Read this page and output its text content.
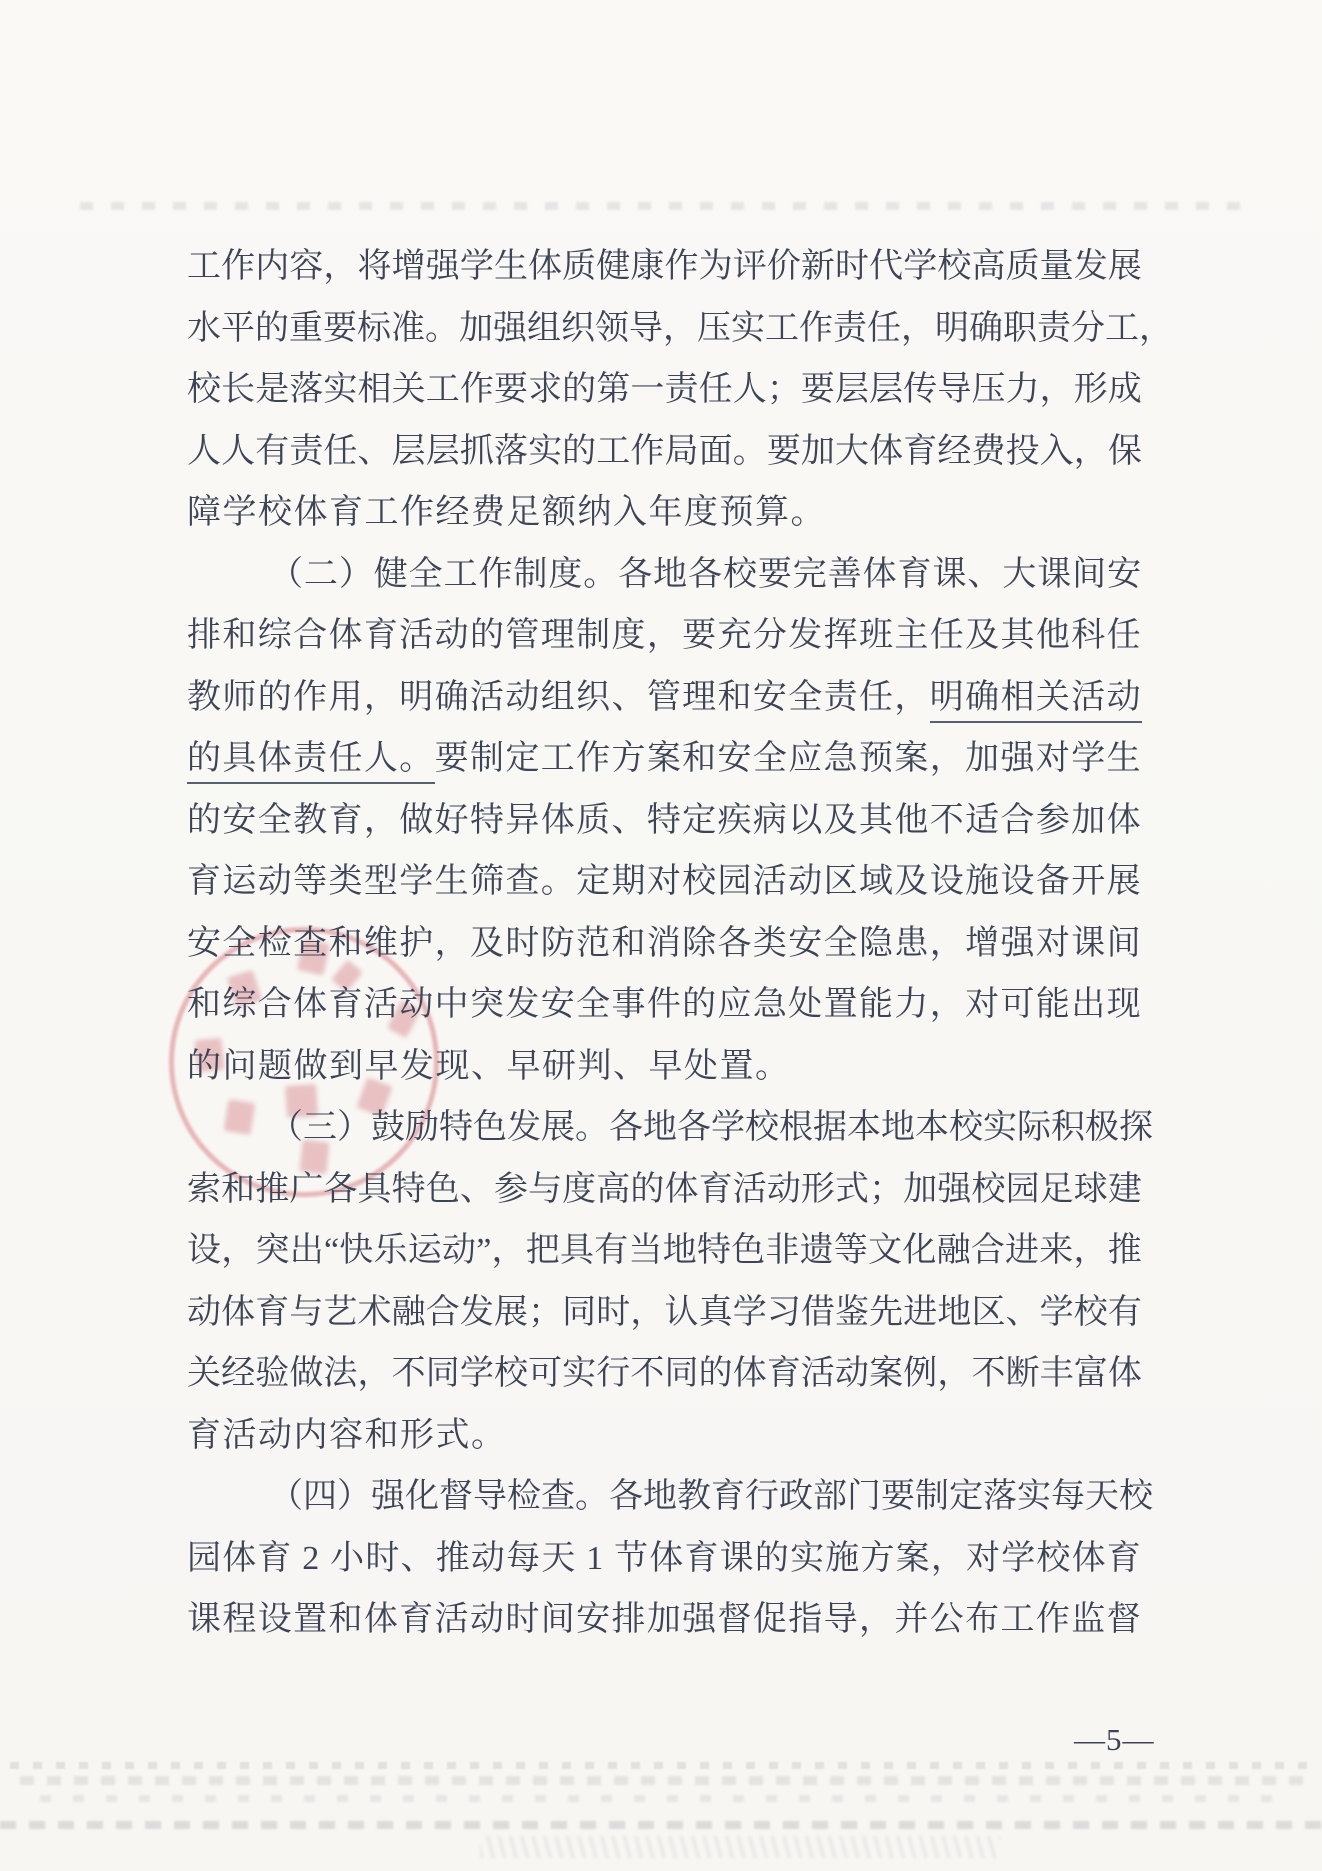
工作内容，将增强学生体质健康作为评价新时代学校高质量发展
水平的重要标准。加强组织领导，压实工作责任，明确职责分工，
校长是落实相关工作要求的第一责任人；要层层传导压力，形成
人人有责任、层层抓落实的工作局面。要加大体育经费投入，保
障学校体育工作经费足额纳入年度预算。
（二）健全工作制度。各地各校要完善体育课、大课间安
排和综合体育活动的管理制度，要充分发挥班主任及其他科任
教师的作用，明确活动组织、管理和安全责任，明确相关活动
的具体责任人。要制定工作方案和安全应急预案，加强对学生
的安全教育，做好特异体质、特定疾病以及其他不适合参加体
育运动等类型学生筛查。定期对校园活动区域及设施设备开展
安全检查和维护，及时防范和消除各类安全隐患，增强对课间
和综合体育活动中突发安全事件的应急处置能力，对可能出现
的问题做到早发现、早研判、早处置。
（三）鼓励特色发展。各地各学校根据本地本校实际积极探
索和推广各具特色、参与度高的体育活动形式；加强校园足球建
设，突出“快乐运动”，把具有当地特色非遗等文化融合进来，推
动体育与艺术融合发展；同时，认真学习借鉴先进地区、学校有
关经验做法，不同学校可实行不同的体育活动案例，不断丰富体
育活动内容和形式。
（四）强化督导检查。各地教育行政部门要制定落实每天校
园体育 2 小时、推动每天 1 节体育课的实施方案，对学校体育
课程设置和体育活动时间安排加强督促指导，并公布工作监督
—5—
